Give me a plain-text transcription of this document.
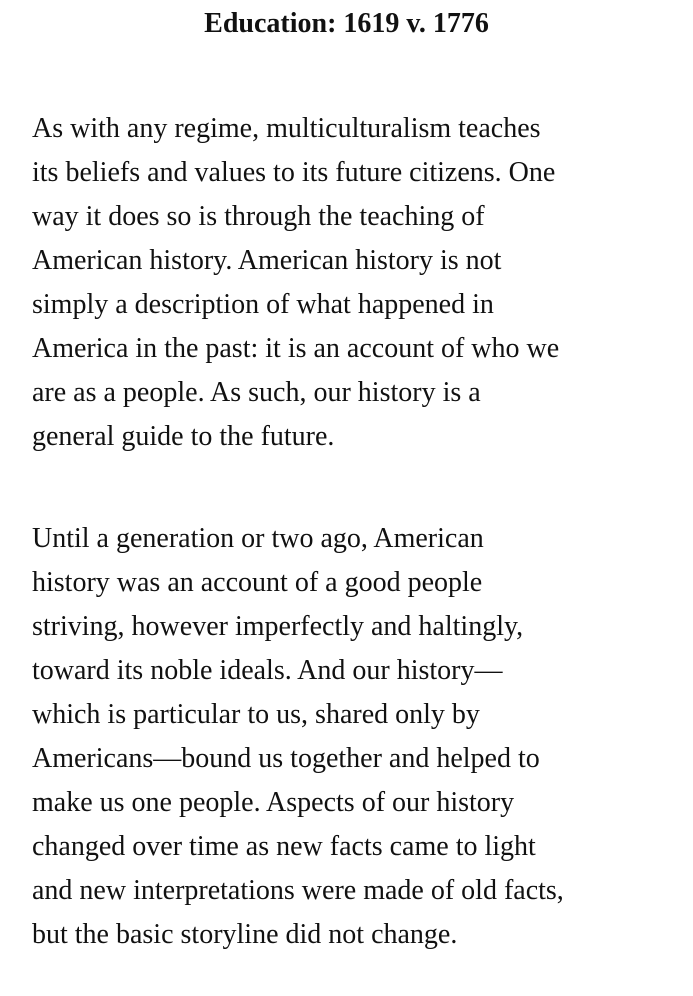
Education: 1619 v. 1776

As with any regime, multiculturalism teaches
its beliefs and values to its future citizens. One
way it does so is through the teaching of
American history. American history is not
simply a description of what happened in
America in the past: it is an account of who we
are as a people. As such, our history is a
general guide to the future.

Until a generation or two ago, American
history was an account of a good people
striving, however imperfectly and haltingly,
toward its noble ideals. And our history—
which is particular to us, shared only by
Americans—bound us together and helped to
make us one people. Aspects of our history
changed over time as new facts came to light
and new interpretations were made of old facts,
but the basic storyline did not change.
